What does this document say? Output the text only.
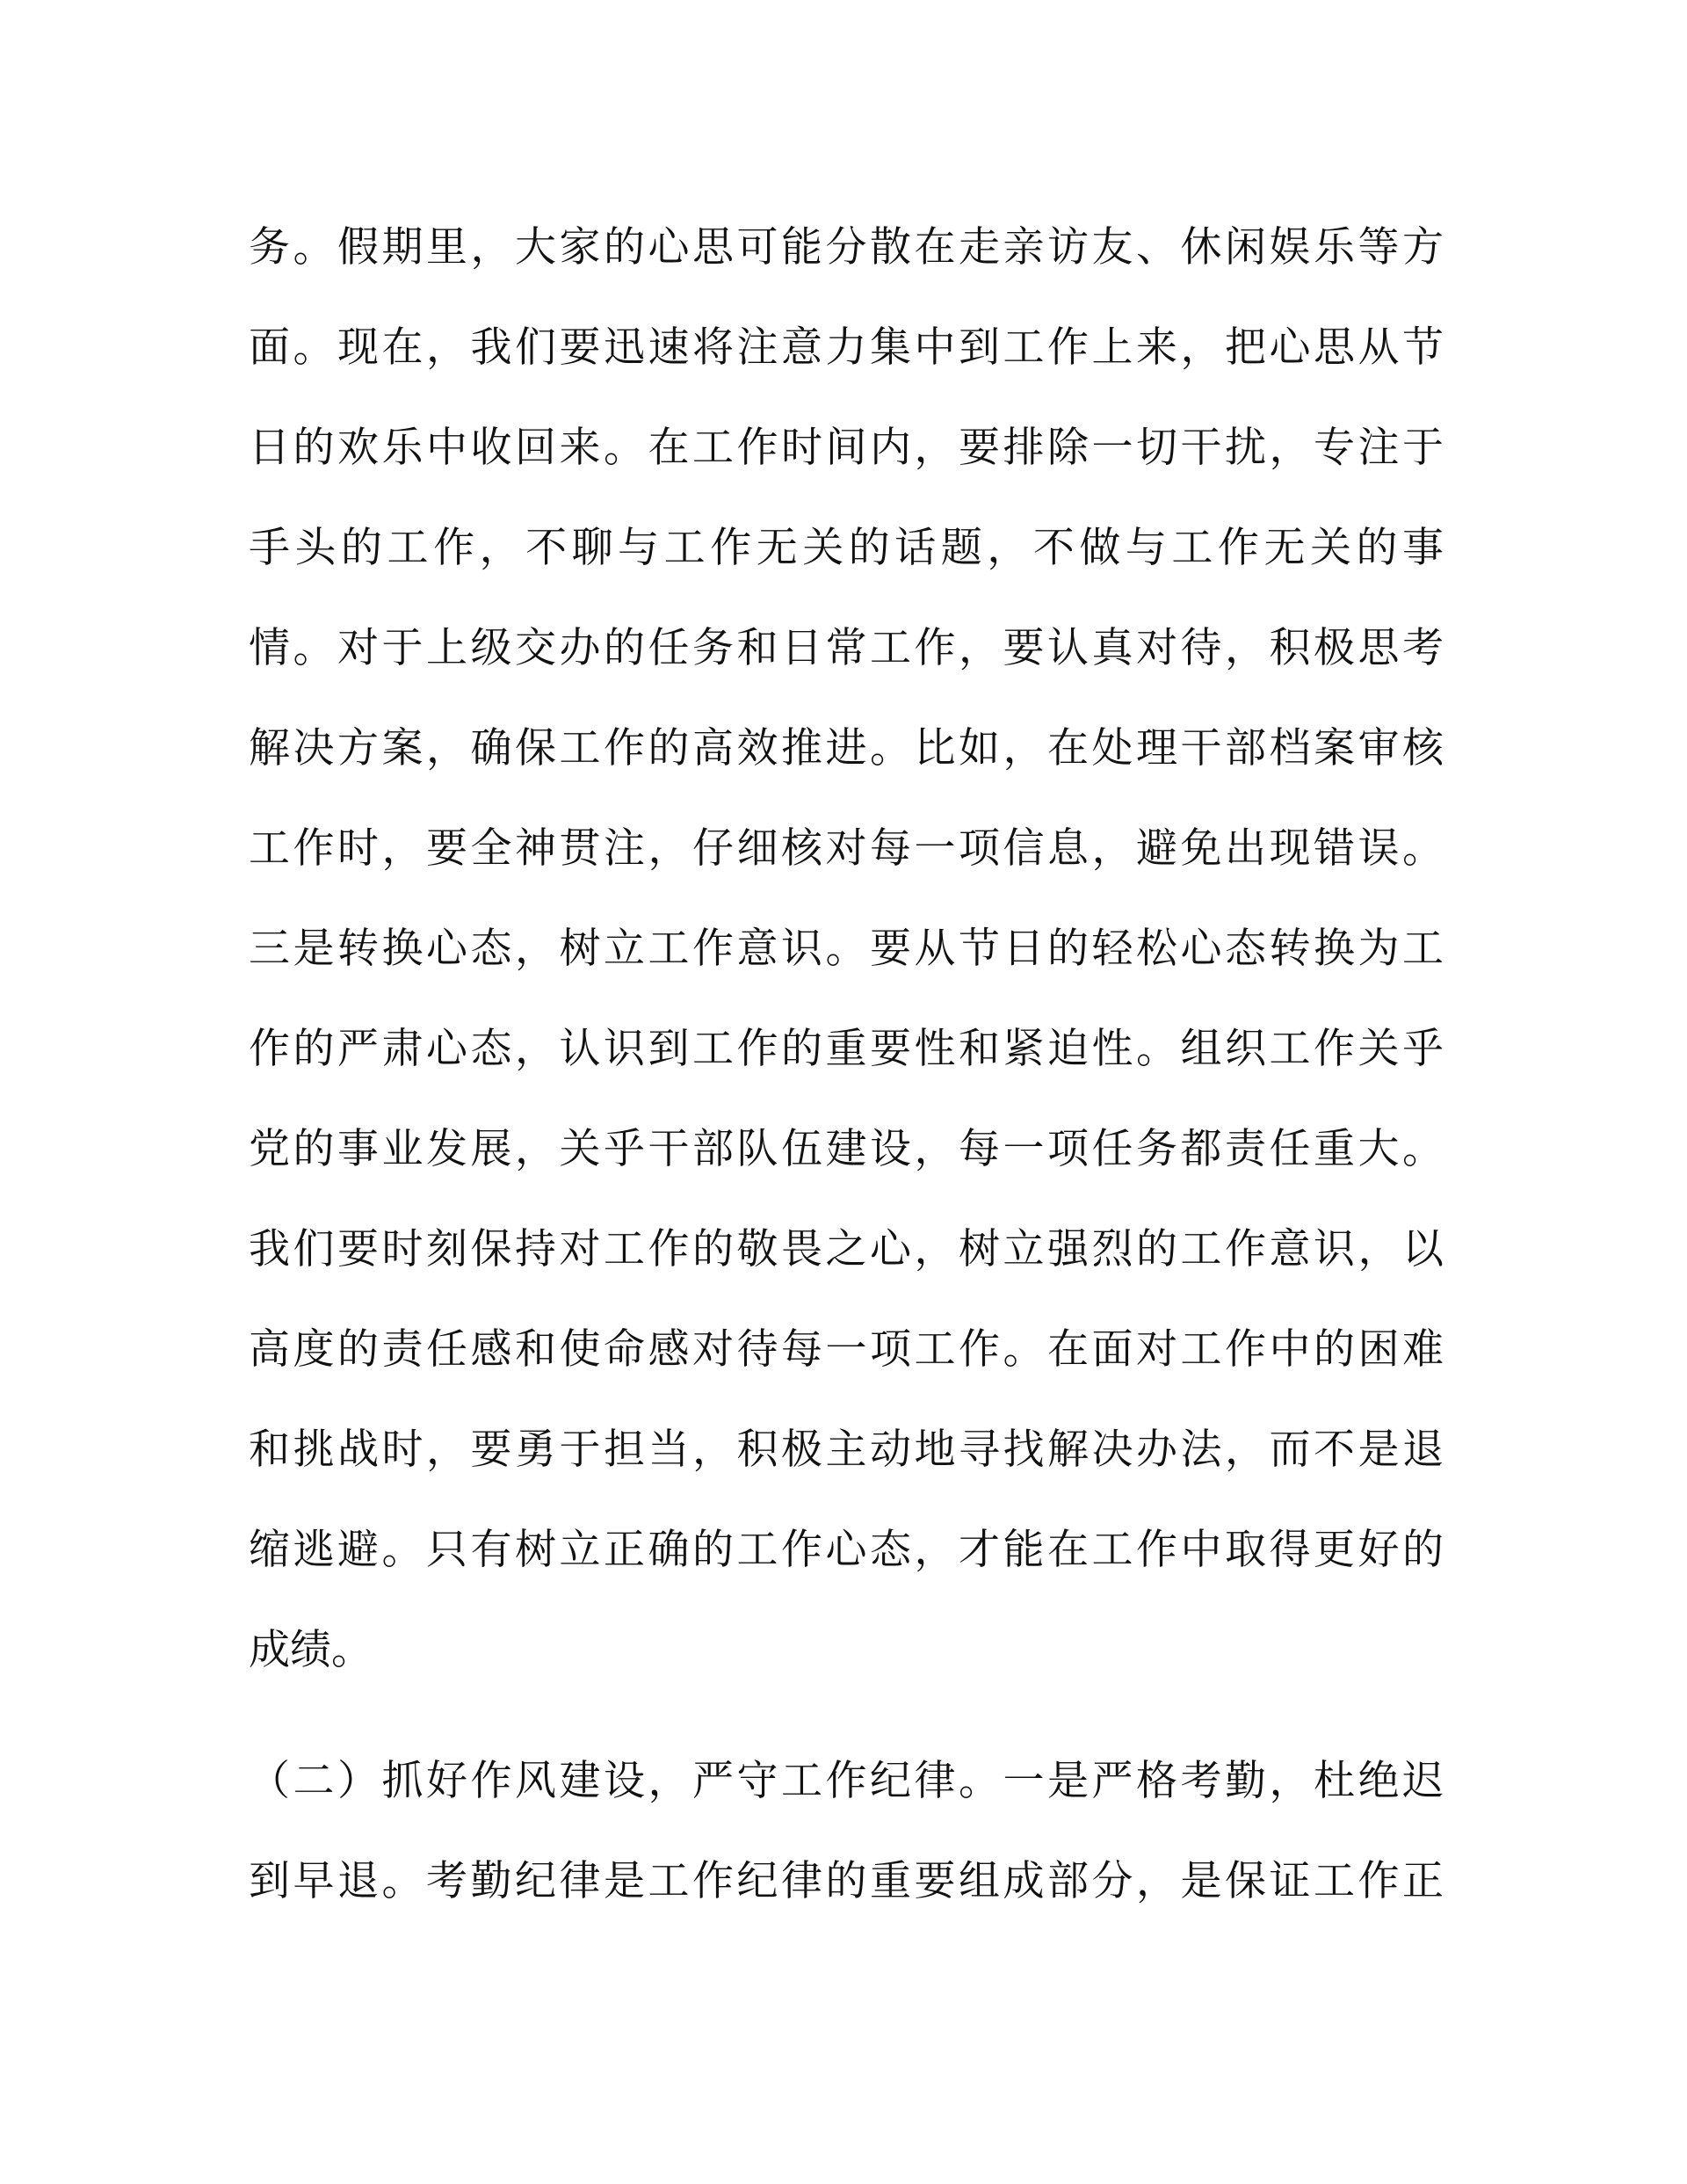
务。假期里，大家的心思可能分散在走亲访友、休闲娱乐等方
面。现在，我们要迅速将注意力集中到工作上来，把心思从节
日的欢乐中收回来。在工作时间内，要排除一切干扰，专注于
手头的工作，不聊与工作无关的话题，不做与工作无关的事
情。对于上级交办的任务和日常工作，要认真对待，积极思考
解决方案，确保工作的高效推进。比如，在处理干部档案审核
工作时，要全神贯注，仔细核对每一项信息，避免出现错误。
三是转换心态，树立工作意识。要从节日的轻松心态转换为工
作的严肃心态，认识到工作的重要性和紧迫性。组织工作关乎
党的事业发展，关乎干部队伍建设，每一项任务都责任重大。
我们要时刻保持对工作的敬畏之心，树立强烈的工作意识，以
高度的责任感和使命感对待每一项工作。在面对工作中的困难
和挑战时，要勇于担当，积极主动地寻找解决办法，而不是退
缩逃避。只有树立正确的工作心态，才能在工作中取得更好的
成绩。
（二）抓好作风建设，严守工作纪律。一是严格考勤，杜绝迟
到早退。考勤纪律是工作纪律的重要组成部分，是保证工作正
